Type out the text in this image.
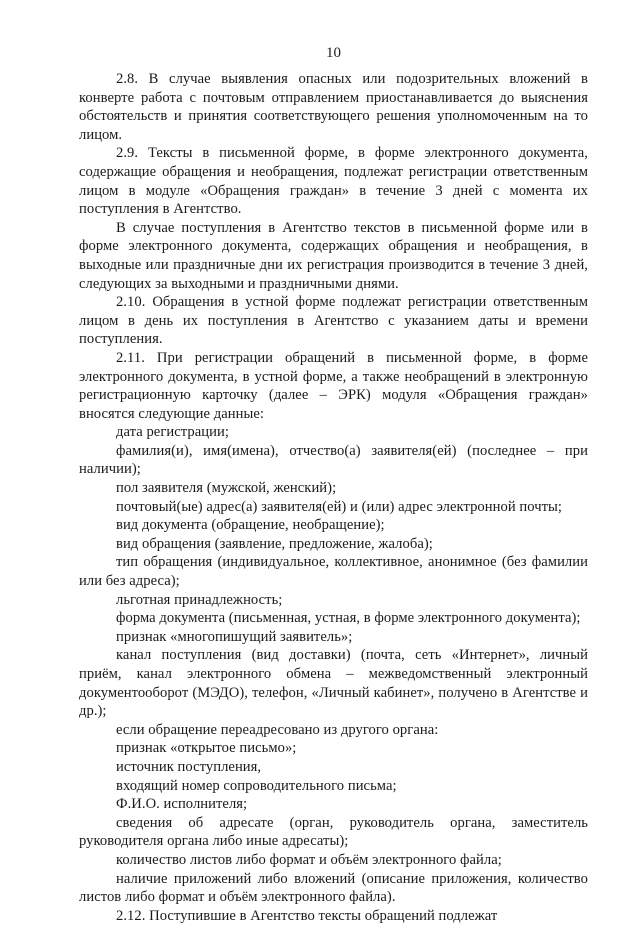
10

2.8. В случае выявления опасных или подозрительных вложений в конверте работа с почтовым отправлением приостанавливается до выяснения обстоятельств и принятия соответствующего решения уполномоченным на то лицом.

2.9. Тексты в письменной форме, в форме электронного документа, содержащие обращения и необращения, подлежат регистрации ответственным лицом в модуле «Обращения граждан» в течение 3 дней с момента их поступления в Агентство.

В случае поступления в Агентство текстов в письменной форме или в форме электронного документа, содержащих обращения и необращения, в выходные или праздничные дни их регистрация производится в течение 3 дней, следующих за выходными и праздничными днями.

2.10. Обращения в устной форме подлежат регистрации ответственным лицом в день их поступления в Агентство с указанием даты и времени поступления.

2.11. При регистрации обращений в письменной форме, в форме электронного документа, в устной форме, а также необращений в электронную регистрационную карточку (далее – ЭРК) модуля «Обращения граждан» вносятся следующие данные:

дата регистрации;

фамилия(и), имя(имена), отчество(а) заявителя(ей) (последнее – при наличии);

пол заявителя (мужской, женский);

почтовый(ые) адрес(а) заявителя(ей) и (или) адрес электронной почты;

вид документа (обращение, необращение);

вид обращения (заявление, предложение, жалоба);

тип обращения (индивидуальное, коллективное, анонимное (без фамилии или без адреса);

льготная принадлежность;

форма документа (письменная, устная, в форме электронного документа);

признак «многопишущий заявитель»;

канал поступления (вид доставки) (почта, сеть «Интернет», личный приём, канал электронного обмена – межведомственный электронный документооборот (МЭДО), телефон, «Личный кабинет», получено в Агентстве и др.);

если обращение переадресовано из другого органа:

признак «открытое письмо»;

источник поступления,

входящий номер сопроводительного письма;

Ф.И.О. исполнителя;

сведения об адресате (орган, руководитель органа, заместитель руководителя органа либо иные адресаты);

количество листов либо формат и объём электронного файла;

наличие приложений либо вложений (описание приложения, количество листов либо формат и объём электронного файла).

2.12. Поступившие в Агентство тексты обращений подлежат
